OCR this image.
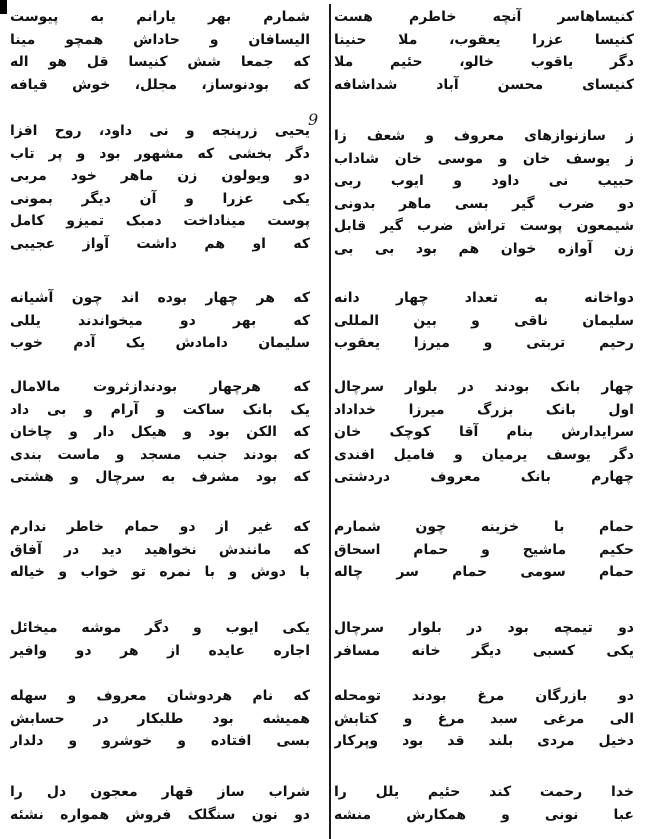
9
کنیساهاسر آنچه خاطرم هست
کنیسا عزرا یعقوب، ملا حنینا
دگر یاقوب خالو، حئیم ملا
کنیسای محسن آباد شداشافه
ز سازنوازهای معروف و شعف زا
ز یوسف خان و موسی خان شاداب
حبیب نی داود و ایوب ربی
دو ضرب گیر بسی ماهر بدونی
شیمعون پوست تراش ضرب گیر قابل
زن آوازه خوان هم بود بی بی
دواخانه به تعداد چهار دانه
سلیمان ناقی و بین المللی
رحیم تربتی و میرزا یعقوب
چهار بانک بودند در بلوار سرچال
اول بانک بزرگ میرزا خداداد
سرایدارش بنام آقا کوچک خان
دگر یوسف یرمیان و فامیل افندی
چهارم بانک معروف دردشتی
حمام با خزینه چون شمارم
حکیم ماشیح و حمام اسحاق
حمام سومی حمام سر چاله
دو تیمچه بود در بلوار سرچال
یکی کسبی دیگر خانه مسافر
دو بازرگان مرغ بودند تومحله
الی مرغی سبد مرغ و کتابش
دخیل مردی بلند قد بود وپرکار
خدا رحمت کند حئیم یلل را
عبا نونی و همکارش منشه
شمارم بهر یارانم به پیوست
الیسافان و حاداش همچو مینا
که جمعا شش کنیسا قل هو اله
که بودنوساز، مجلل، خوش قیافه
یحیی زرپنجه و نی داود، روح افزا
دگر بخشی که مشهور بود و پر تاب
دو ویولون زن ماهر خود مربی
یکی عزرا و آن دیگر بمونی
پوست میناداخت دمبک تمیزو کامل
که او هم داشت آواز عجیبی
که هر چهار بوده اند چون آشیانه
که بهر دو میخواندند یللی
سلیمان دامادش یک آدم خوب
که هرچهار بودندازثروت مالامال
یک بانک ساکت و آرام و بی داد
که الکن بود و هیکل دار و چاخان
که بودند جنب مسجد و ماست بندی
که بود مشرف به سرچال و هشتی
که غیر از دو حمام خاطر ندارم
که مانندش نخواهید دید در آفاق
با دوش و با نمره تو خواب و خیاله
یکی ایوب و دگر موشه میخائل
اجاره عایده از هر دو وافیر
که نام هردوشان معروف و سهله
همیشه بود طلبکار در حسابش
بسی افتاده و خوشرو و دلدار
شراب ساز قهار معجون دل را
دو نون سنگلک فروش همواره نشئه
